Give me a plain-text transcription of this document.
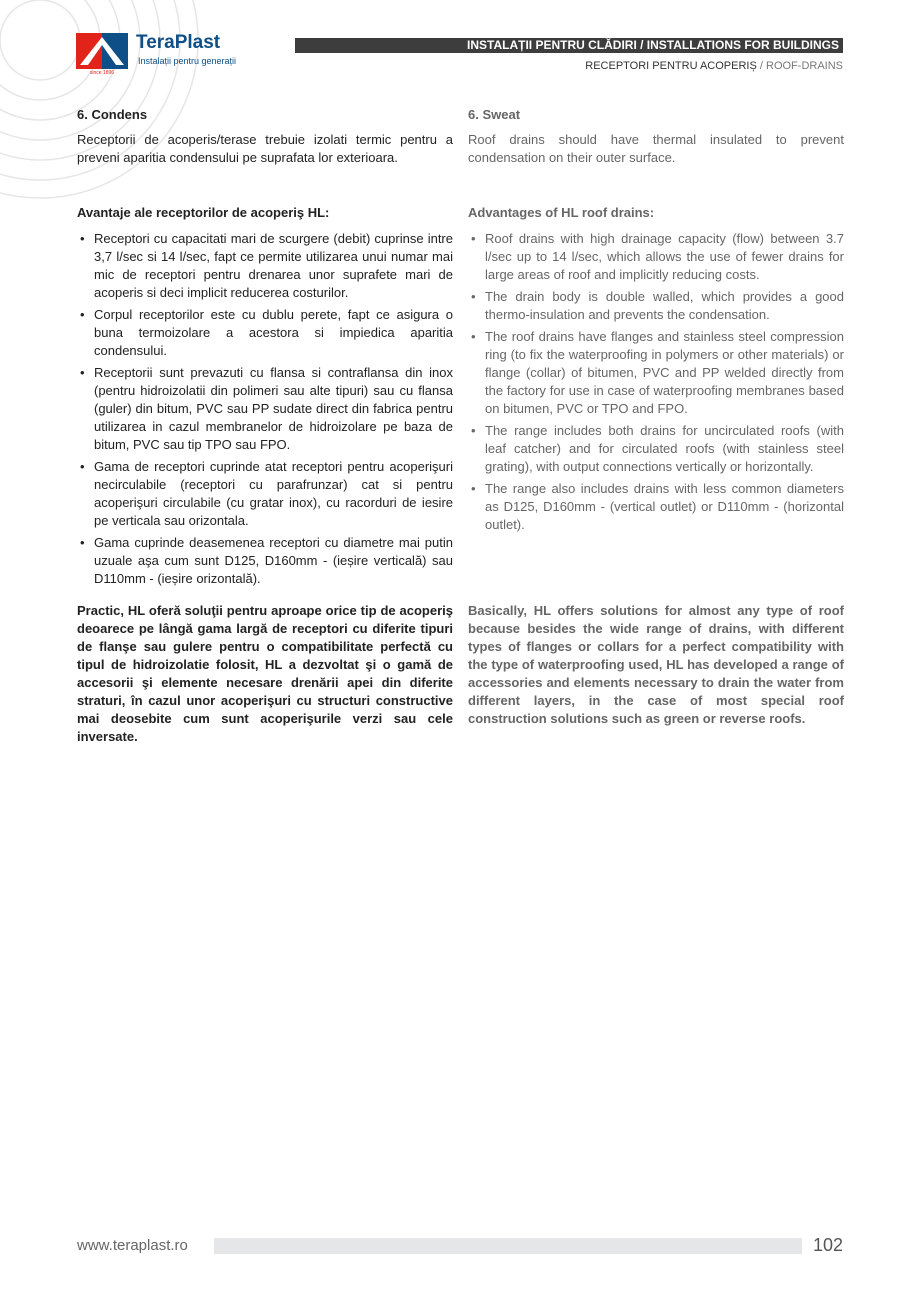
TeraPlast
Instalații pentru generații
since 1896
INSTALAȚII PENTRU CLĂDIRI / INSTALLATIONS FOR BUILDINGS
RECEPTORI PENTRU ACOPERIȘ / ROOF-DRAINS
6. Condens

Receptorii de acoperis/terase trebuie izolati termic pentru a preveni aparitia condensului pe suprafata lor exterioara.

Avantaje ale receptorilor de acoperiş HL:
• Receptori cu capacitati mari de scurgere (debit) cuprinse intre 3,7 l/sec si 14 l/sec, fapt ce permite utilizarea unui numar mai mic de receptori pentru drenarea unor suprafete mari de acoperis si deci implicit reducerea costurilor.
• Corpul receptorilor este cu dublu perete, fapt ce asigura o buna termoizolare a acestora si impiedica aparitia condensului.
• Receptorii sunt prevazuti cu flansa si contraflansa din inox (pentru hidroizolatii din polimeri sau alte tipuri) sau cu flansa (guler) din bitum, PVC sau PP sudate direct din fabrica pentru utilizarea in cazul membranelor de hidroizolare pe baza de bitum, PVC sau tip TPO sau FPO.
• Gama de receptori cuprinde atat receptori pentru acoperişuri necirculabile (receptori cu parafrunzar) cat si pentru acoperişuri circulabile (cu gratar inox), cu racorduri de iesire pe verticala sau orizontala.
• Gama cuprinde deasemenea receptori cu diametre mai putin uzuale aşa cum sunt D125, D160mm - (ieșire verticală) sau D110mm - (ieșire orizontală).

Practic, HL oferă soluţii pentru aproape orice tip de acoperiş deoarece pe lângă gama largă de receptori cu diferite tipuri de flanşe sau gulere pentru o compatibilitate perfectă cu tipul de hidroizolatie folosit, HL a dezvoltat şi o gamă de accesorii şi elemente necesare drenării apei din diferite straturi, în cazul unor acoperişuri cu structuri constructive mai deosebite cum sunt acoperişurile verzi sau cele inversate.

6. Sweat

Roof drains should have thermal insulated to prevent condensation on their outer surface.

Advantages of HL roof drains:
• Roof drains with high drainage capacity (flow) between 3.7 l/sec up to 14 l/sec, which allows the use of fewer drains for large areas of roof and implicitly reducing costs.
• The drain body is double walled, which provides a good thermo-insulation and prevents the condensation.
• The roof drains have flanges and stainless steel compression ring (to fix the waterproofing in polymers or other materials) or flange (collar) of bitumen, PVC and PP welded directly from the factory for use in case of waterproofing membranes based on bitumen, PVC or TPO and FPO.
• The range includes both drains for uncirculated roofs (with leaf catcher) and for circulated roofs (with stainless steel grating), with output connections vertically or horizontally.
• The range also includes drains with less common diameters as D125, D160mm - (vertical outlet) or D110mm - (horizontal outlet).

Basically, HL offers solutions for almost any type of roof because besides the wide range of drains, with different types of flanges or collars for a perfect compatibility with the type of waterproofing used, HL has developed a range of accessories and elements necessary to drain the water from different layers, in the case of most special roof construction solutions such as green or reverse roofs.

www.teraplast.ro	102
